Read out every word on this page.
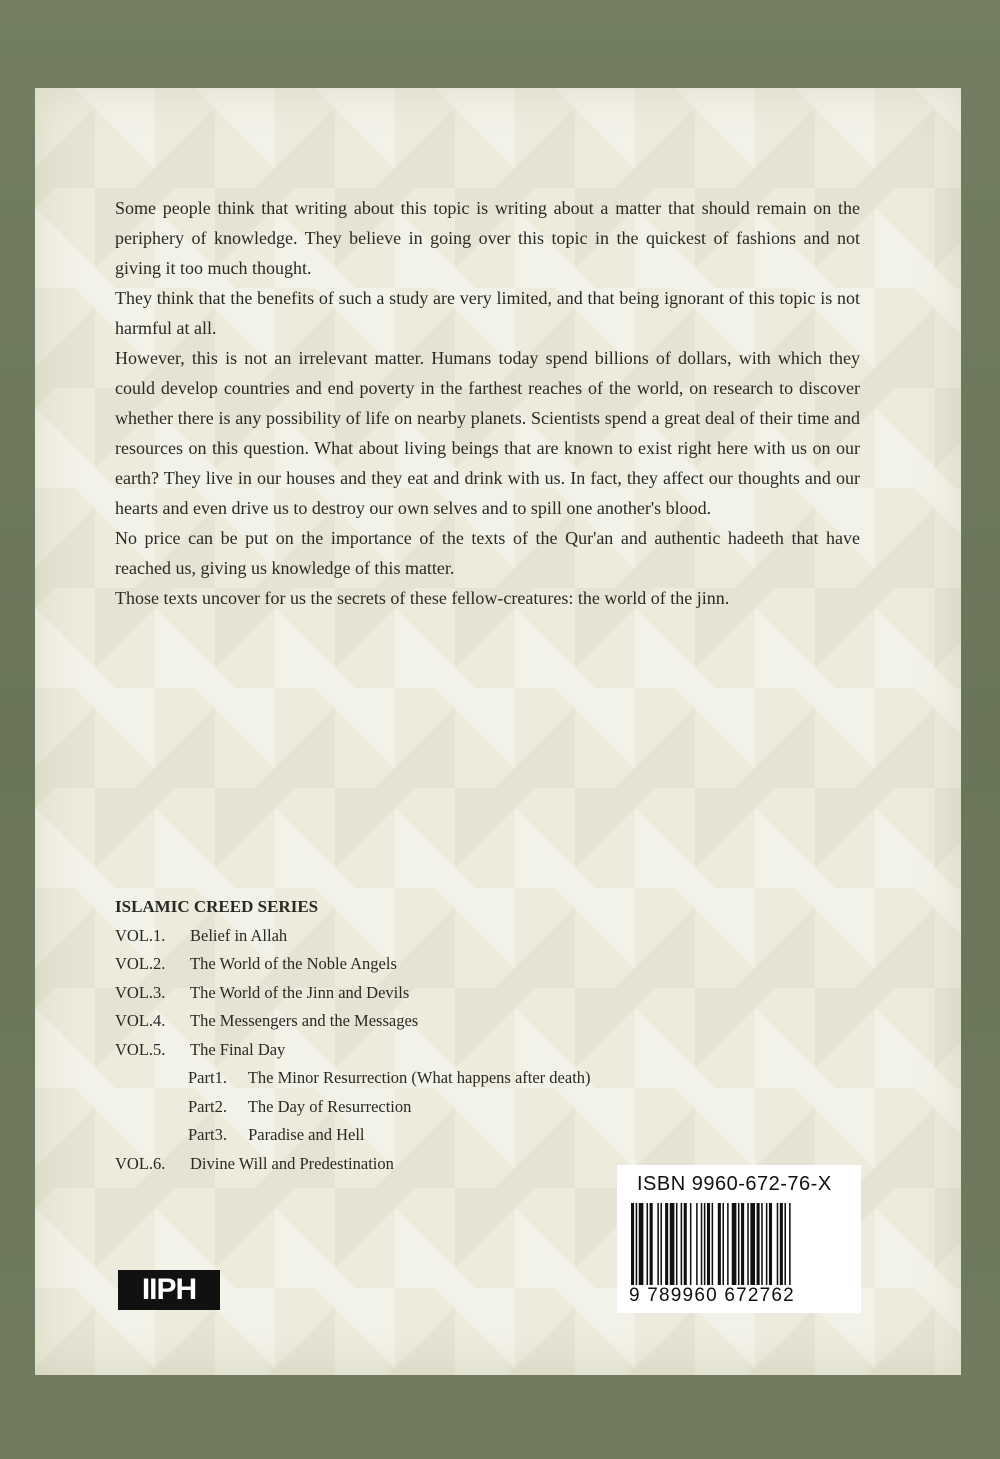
Some people think that writing about this topic is writing about a matter that should remain on the periphery of knowledge. They believe in going over this topic in the quickest of fashions and not giving it too much thought.

They think that the benefits of such a study are very limited, and that being ignorant of this topic is not harmful at all.

However, this is not an irrelevant matter. Humans today spend billions of dollars, with which they could develop countries and end poverty in the farthest reaches of the world, on research to discover whether there is any possibility of life on nearby planets. Scientists spend a great deal of their time and resources on this question. What about living beings that are known to exist right here with us on our earth? They live in our houses and they eat and drink with us. In fact, they affect our thoughts and our hearts and even drive us to destroy our own selves and to spill one another's blood.

No price can be put on the importance of the texts of the Qur'an and authentic hadeeth that have reached us, giving us knowledge of this matter.

Those texts uncover for us the secrets of these fellow-creatures: the world of the jinn.

ISLAMIC CREED SERIES
VOL.1.	Belief in Allah
VOL.2.	The World of the Noble Angels
VOL.3.	The World of the Jinn and Devils
VOL.4.	The Messengers and the Messages
VOL.5.	The Final Day
Part1. The Minor Resurrection (What happens after death)
Part2. The Day of Resurrection
Part3. Paradise and Hell
VOL.6.	Divine Will and Predestination
ISBN 9960-672-76-X
9 789960 672762
IIPH
